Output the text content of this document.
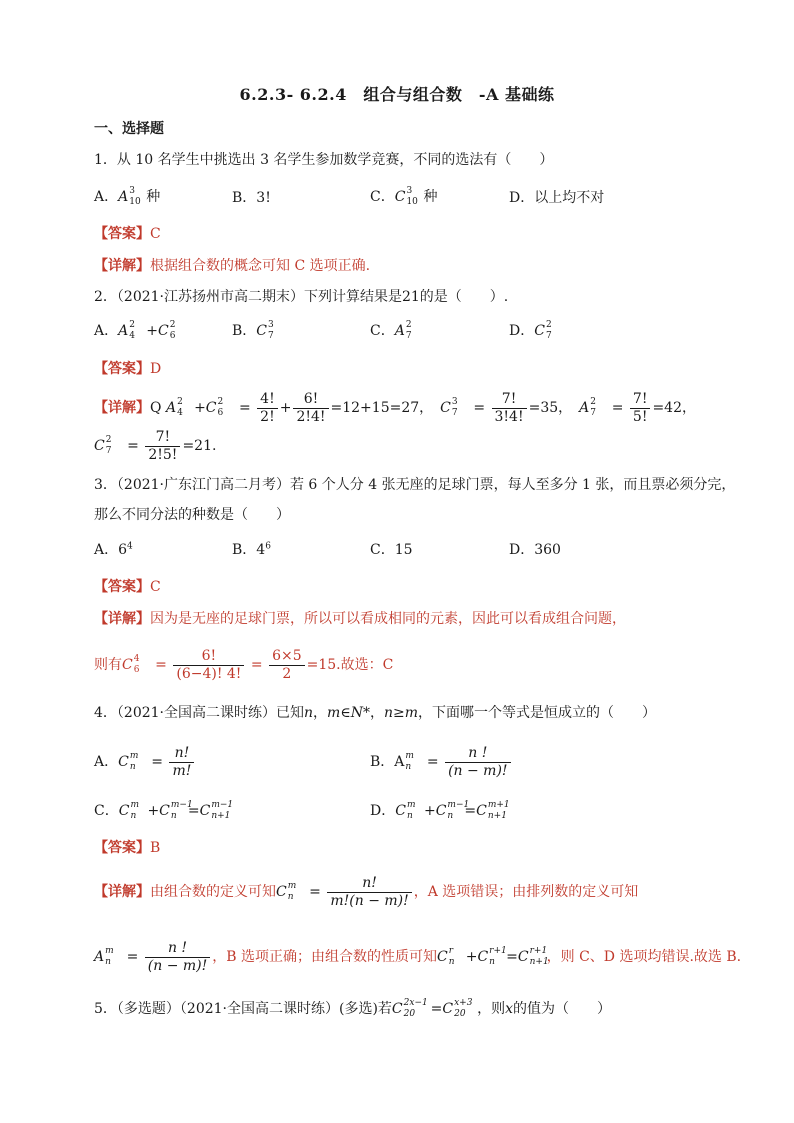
6.2.3- 6.2.4　组合与组合数　-A 基础练
一、选择题
1．从 10 名学生中挑选出 3 名学生参加数学竞赛，不同的选法有（　　）
A．A 3
10 种	B．3!	C．C 3
10 种	D．以上均不对
【答案】C
【详解】根据组合数的概念可知 C 选项正确.
2．（2021·江苏扬州市高二期末）下列计算结果是21的是（　　）.
A．A 2
4 +C 2
6	B．C 3
7	C．A 2
7	D．C 2
7
【答案】D
【详解】Q A 2
4 +C 2
$6 = \frac{4!}{2!} + \frac{6!}{2!4!} =12+15=27$，　 C 3
$7 = \frac{7!}{3!4!} =35$，　 A 2
$7 = \frac{7!}{5!} =42$，
C 2
$7 = \frac{7!}{2!5!} =21$.
3．（2021·广东江门高二月考）若 6 个人分 4 张无座的足球门票，每人至多分 1 张，而且票必须分完，
那么不同分法的种数是（　　）
A．$6^4$	B．$4^6$	C．15	D．360
【答案】C
【详解】因为是无座的足球门票，所以可以看成相同的元素，因此可以看成组合问题，
则有C 4
$6 = \frac{6!}{(6-4)! 4!} = \frac{6\times 5}{2} =15$.故选：C
4．（2021·全国高二课时练）已知n，m∈N*，n≥m，下面哪一个等式是恒成立的（　　）
A．C m
$n = \frac{n!}{m!}$	B．A m
$n = \frac{n !}{(n - m)!}$
C．C m
n +C m−1
n =C m−1
n+1	D．C m
n +C m−1
n =C m+1
n+1
【答案】B
【详解】由组合数的定义可知C m
$n = \frac{n!}{m!(n - m)!}$ ，A 选项错误；由排列数的定义可知
A m
$n = \frac{n !}{(n - m)!}$ ，B 选项正确；由组合数的性质可知C r
n +C r+1
n =C r+1
n+1
，则 C、D 选项均错误.故选 B.
5．（多选题）（2021·全国高二课时练）(多选)若C 2x−1
20 =C x+3
20 ，则x的值为（　　）
